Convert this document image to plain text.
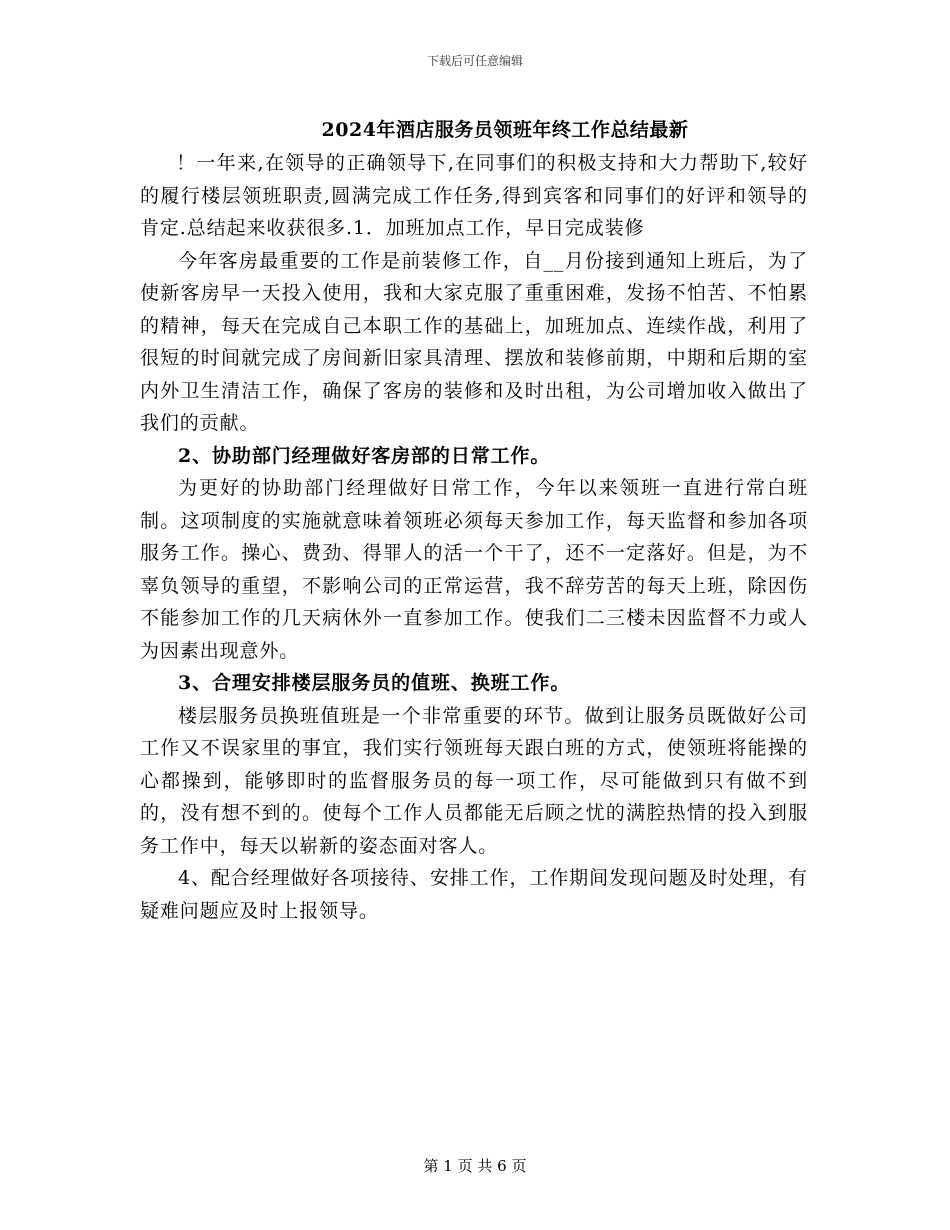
下载后可任意编辑
2024年酒店服务员领班年终工作总结最新

！一年来,在领导的正确领导下,在同事们的积极支持和大力帮助下,较好的履行楼层领班职责,圆满完成工作任务,得到宾客和同事们的好评和领导的肯定.总结起来收获很多.1．加班加点工作，早日完成装修

今年客房最重要的工作是前装修工作，自__月份接到通知上班后，为了使新客房早一天投入使用，我和大家克服了重重困难，发扬不怕苦、不怕累的精神，每天在完成自己本职工作的基础上，加班加点、连续作战，利用了很短的时间就完成了房间新旧家具清理、摆放和装修前期，中期和后期的室内外卫生清洁工作，确保了客房的装修和及时出租，为公司增加收入做出了我们的贡献。

2、协助部门经理做好客房部的日常工作。

为更好的协助部门经理做好日常工作，今年以来领班一直进行常白班制。这项制度的实施就意味着领班必须每天参加工作，每天监督和参加各项服务工作。操心、费劲、得罪人的活一个干了，还不一定落好。但是，为不辜负领导的重望，不影响公司的正常运营，我不辞劳苦的每天上班，除因伤不能参加工作的几天病休外一直参加工作。使我们二三楼未因监督不力或人为因素出现意外。

3、合理安排楼层服务员的值班、换班工作。

楼层服务员换班值班是一个非常重要的环节。做到让服务员既做好公司工作又不误家里的事宜，我们实行领班每天跟白班的方式，使领班将能操的心都操到，能够即时的监督服务员的每一项工作，尽可能做到只有做不到的，没有想不到的。使每个工作人员都能无后顾之忧的满腔热情的投入到服务工作中，每天以崭新的姿态面对客人。

4、配合经理做好各项接待、安排工作，工作期间发现问题及时处理，有疑难问题应及时上报领导。

第 1 页 共 6 页
